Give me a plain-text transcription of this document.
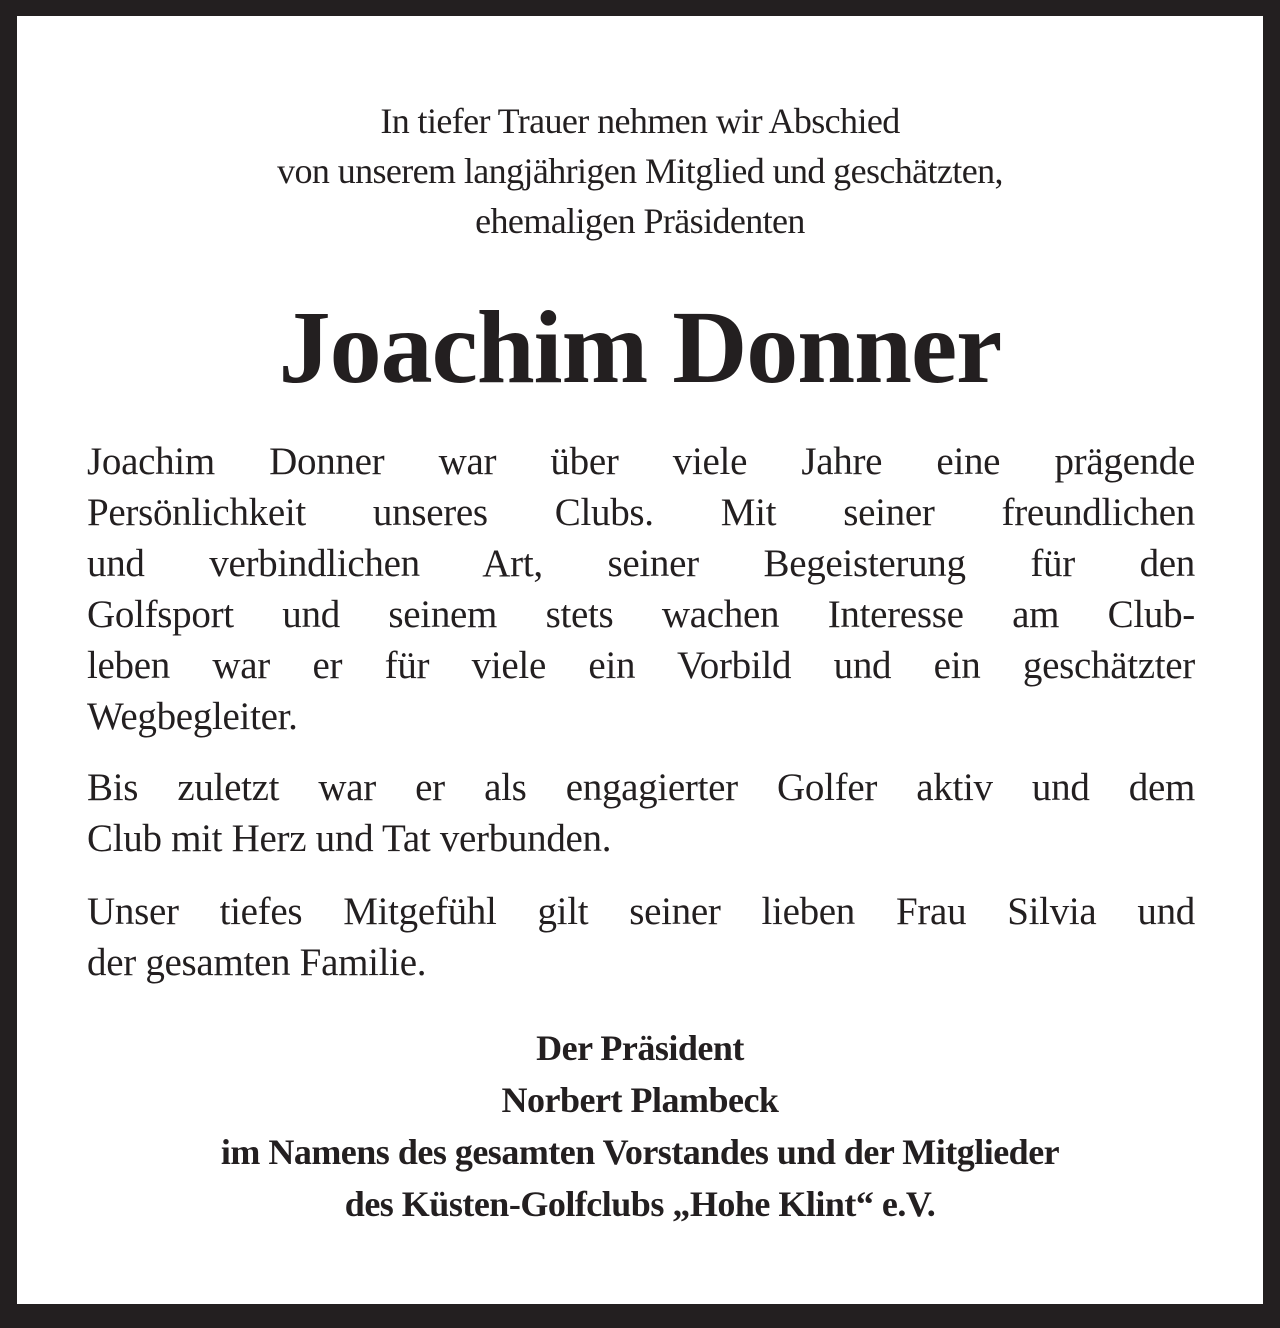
In tiefer Trauer nehmen wir Abschied
von unserem langjährigen Mitglied und geschätzten,
ehemaligen Präsidenten
Joachim Donner
Joachim Donner war über viele Jahre eine prägende
Persönlichkeit unseres Clubs. Mit seiner freundlichen
und verbindlichen Art, seiner Begeisterung für den
Golfsport und seinem stets wachen Interesse am Club-
leben war er für viele ein Vorbild und ein geschätzter
Wegbegleiter.
Bis zuletzt war er als engagierter Golfer aktiv und dem
Club mit Herz und Tat verbunden.
Unser tiefes Mitgefühl gilt seiner lieben Frau Silvia und
der gesamten Familie.
Der Präsident
Norbert Plambeck
im Namens des gesamten Vorstandes und der Mitglieder
des Küsten-Golfclubs „Hohe Klint“ e.V.
